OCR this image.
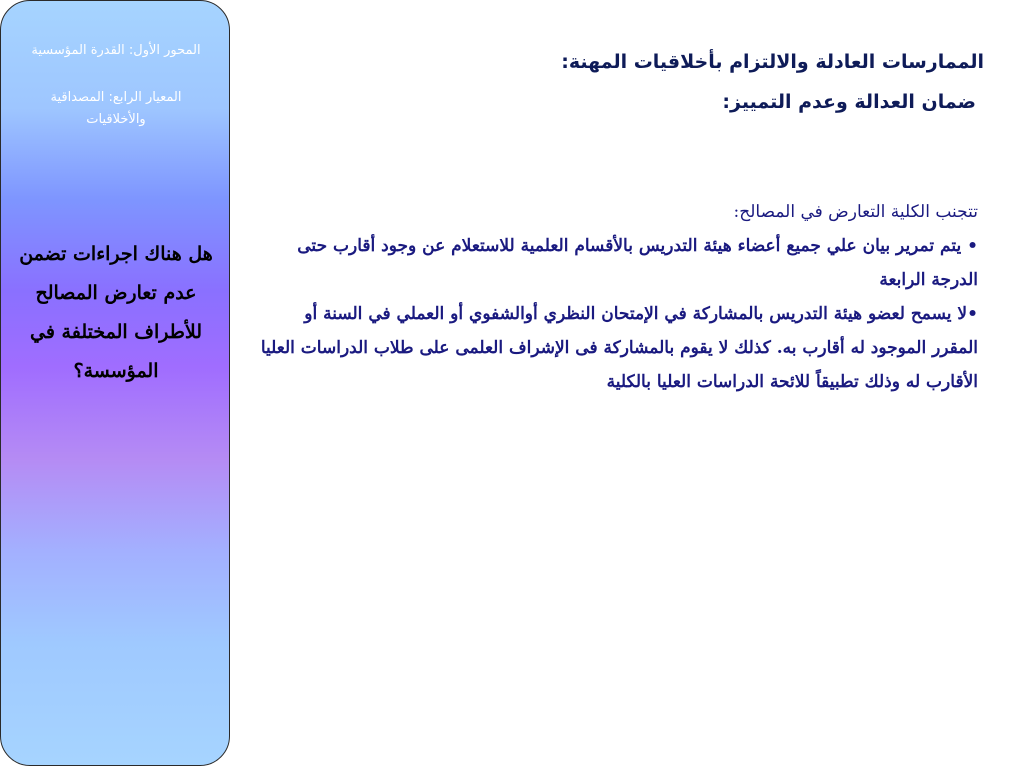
المحور الأول: القدرة المؤسسية
المعيار الرابع: المصداقية والأخلاقيات
هل هناك اجراءات تضمن عدم تعارض المصالح للأطراف المختلفة في المؤسسة؟
الممارسات العادلة والالتزام بأخلاقيات المهنة:
ضمان العدالة وعدم التمييز:

تتجنب الكلية التعارض في المصالح:

• يتم تمرير بيان علي جميع أعضاء هيئة التدريس بالأقسام العلمية للاستعلام عن وجود أقارب حتى الدرجة الرابعة

•لا يسمح لعضو هيئة التدريس بالمشاركة في الإمتحان النظري أوالشفوي أو العملي في السنة أو المقرر الموجود له أقارب به. كذلك لا يقوم بالمشاركة فى الإشراف العلمى على طلاب الدراسات العليا الأقارب له وذلك تطبيقاً للائحة الدراسات العليا بالكلية
